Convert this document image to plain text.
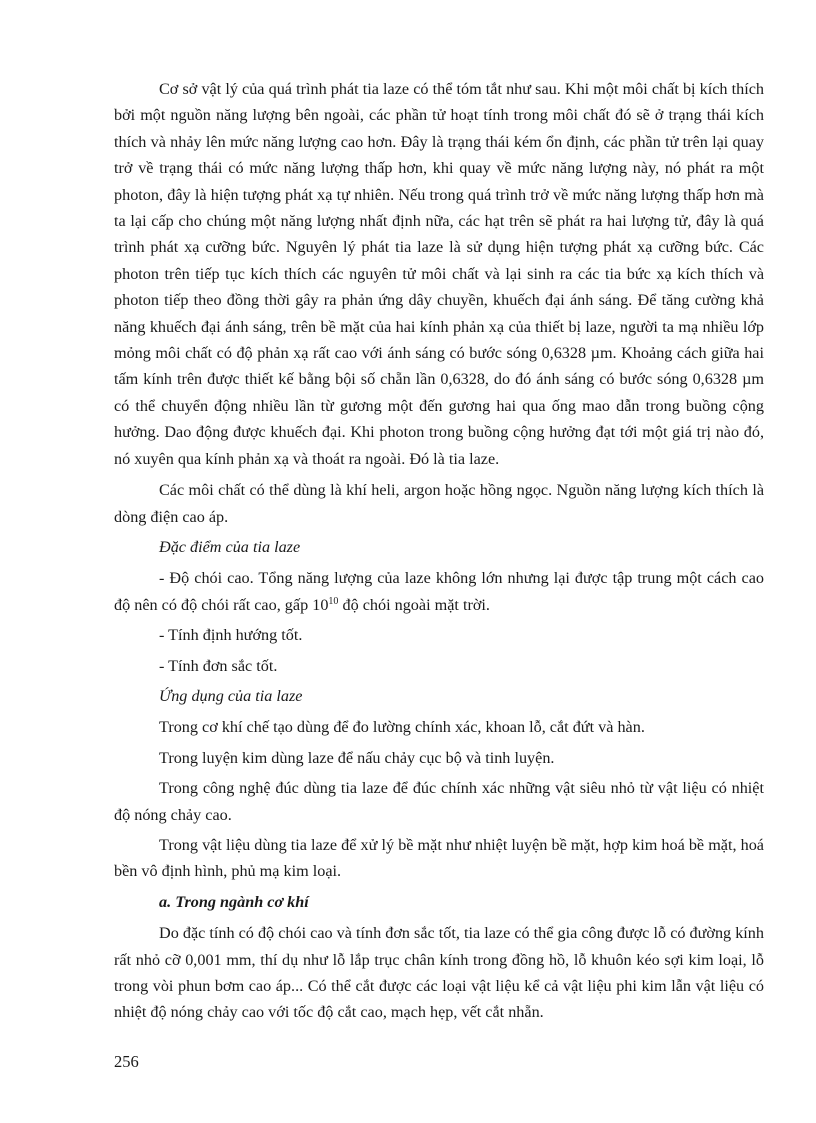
Cơ sở vật lý của quá trình phát tia laze có thể tóm tắt như sau. Khi một môi chất bị kích thích bởi một nguồn năng lượng bên ngoài, các phần tử hoạt tính trong môi chất đó sẽ ở trạng thái kích thích và nhảy lên mức năng lượng cao hơn. Đây là trạng thái kém ổn định, các phần tử trên lại quay trở về trạng thái có mức năng lượng thấp hơn, khi quay về mức năng lượng này, nó phát ra một photon, đây là hiện tượng phát xạ tự nhiên. Nếu trong quá trình trở về mức năng lượng thấp hơn mà ta lại cấp cho chúng một năng lượng nhất định nữa, các hạt trên sẽ phát ra hai lượng tử, đây là quá trình phát xạ cưỡng bức. Nguyên lý phát tia laze là sử dụng hiện tượng phát xạ cưỡng bức. Các photon trên tiếp tục kích thích các nguyên tử môi chất và lại sinh ra các tia bức xạ kích thích và photon tiếp theo đồng thời gây ra phản ứng dây chuyền, khuếch đại ánh sáng. Để tăng cường khả năng khuếch đại ánh sáng, trên bề mặt của hai kính phản xạ của thiết bị laze, người ta mạ nhiều lớp mỏng môi chất có độ phản xạ rất cao với ánh sáng có bước sóng 0,6328 µm. Khoảng cách giữa hai tấm kính trên được thiết kế bằng bội số chẵn lần 0,6328, do đó ánh sáng có bước sóng 0,6328 µm có thể chuyển động nhiều lần từ gương một đến gương hai qua ống mao dẫn trong buồng cộng hưởng. Dao động được khuếch đại. Khi photon trong buồng cộng hưởng đạt tới một giá trị nào đó, nó xuyên qua kính phản xạ và thoát ra ngoài. Đó là tia laze.

Các môi chất có thể dùng là khí heli, argon hoặc hồng ngọc. Nguồn năng lượng kích thích là dòng điện cao áp.

Đặc điểm của tia laze

- Độ chói cao. Tổng năng lượng của laze không lớn nhưng lại được tập trung một cách cao độ nên có độ chói rất cao, gấp $10^{10}$ độ chói ngoài mặt trời.

- Tính định hướng tốt.

- Tính đơn sắc tốt.

Ứng dụng của tia laze

Trong cơ khí chế tạo dùng để đo lường chính xác, khoan lỗ, cắt đứt và hàn.

Trong luyện kim dùng laze để nấu chảy cục bộ và tinh luyện.

Trong công nghệ đúc dùng tia laze để đúc chính xác những vật siêu nhỏ từ vật liệu có nhiệt độ nóng chảy cao.

Trong vật liệu dùng tia laze để xử lý bề mặt như nhiệt luyện bề mặt, hợp kim hoá bề mặt, hoá bền vô định hình, phủ mạ kim loại.

a. Trong ngành cơ khí

Do đặc tính có độ chói cao và tính đơn sắc tốt, tia laze có thể gia công được lỗ có đường kính rất nhỏ cỡ 0,001 mm, thí dụ như lỗ lắp trục chân kính trong đồng hồ, lỗ khuôn kéo sợi kim loại, lỗ trong vòi phun bơm cao áp... Có thể cắt được các loại vật liệu kể cả vật liệu phi kim lẫn vật liệu có nhiệt độ nóng chảy cao với tốc độ cắt cao, mạch hẹp, vết cắt nhẵn.

256
